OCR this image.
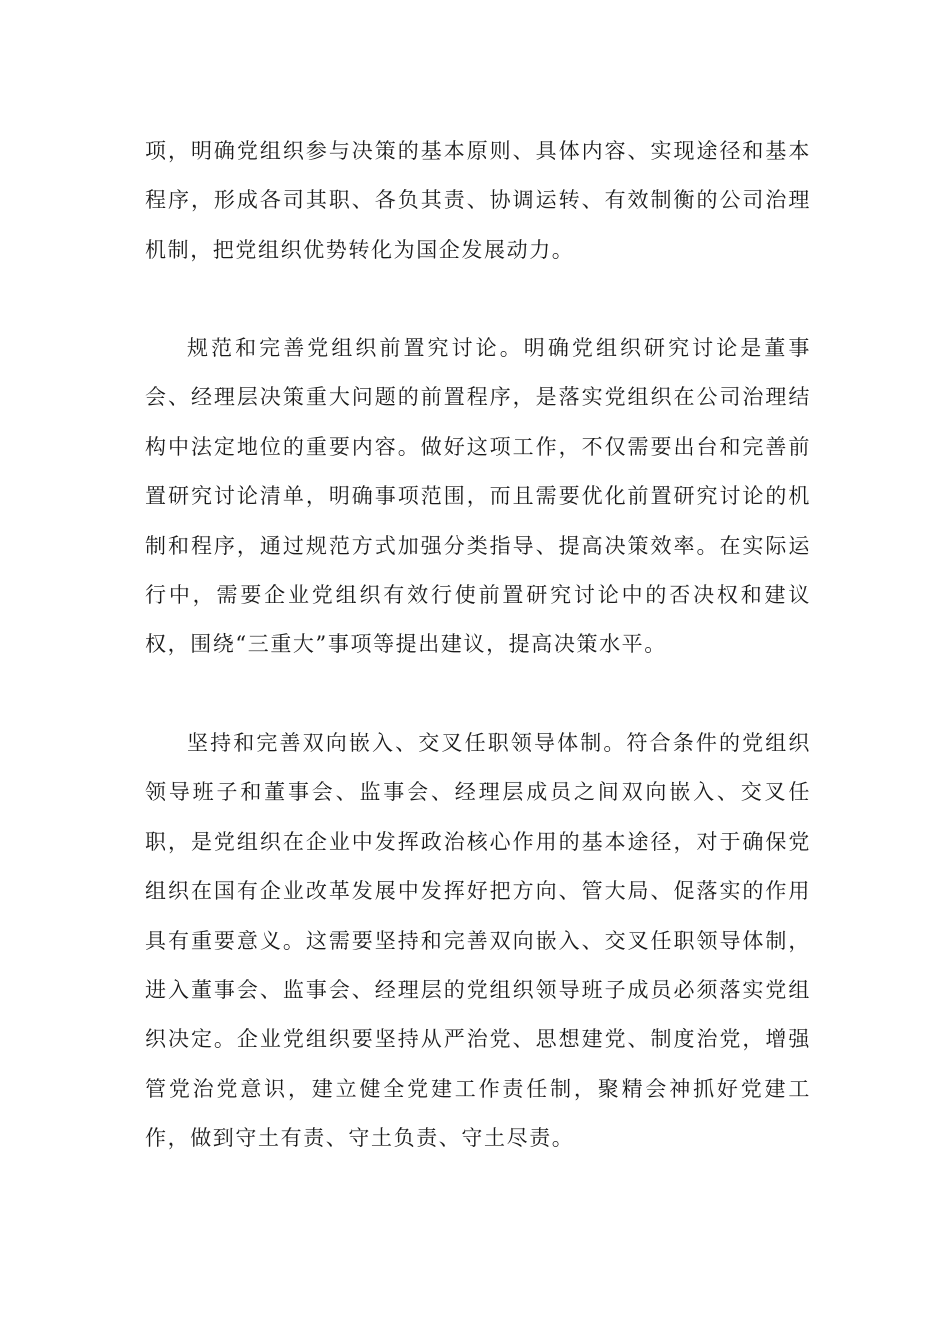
项，明确党组织参与决策的基本原则、具体内容、实现途径和基本程序，形成各司其职、各负其责、协调运转、有效制衡的公司治理机制，把党组织优势转化为国企发展动力。

规范和完善党组织前置究讨论。明确党组织研究讨论是董事会、经理层决策重大问题的前置程序，是落实党组织在公司治理结构中法定地位的重要内容。做好这项工作，不仅需要出台和完善前置研究讨论清单，明确事项范围，而且需要优化前置研究讨论的机制和程序，通过规范方式加强分类指导、提高决策效率。在实际运行中，需要企业党组织有效行使前置研究讨论中的否决权和建议权，围绕“三重大”事项等提出建议，提高决策水平。

坚持和完善双向嵌入、交叉任职领导体制。符合条件的党组织领导班子和董事会、监事会、经理层成员之间双向嵌入、交叉任职，是党组织在企业中发挥政治核心作用的基本途径，对于确保党组织在国有企业改革发展中发挥好把方向、管大局、促落实的作用具有重要意义。这需要坚持和完善双向嵌入、交叉任职领导体制，进入董事会、监事会、经理层的党组织领导班子成员必须落实党组织决定。企业党组织要坚持从严治党、思想建党、制度治党，增强管党治党意识，建立健全党建工作责任制，聚精会神抓好党建工作，做到守土有责、守土负责、守土尽责。
